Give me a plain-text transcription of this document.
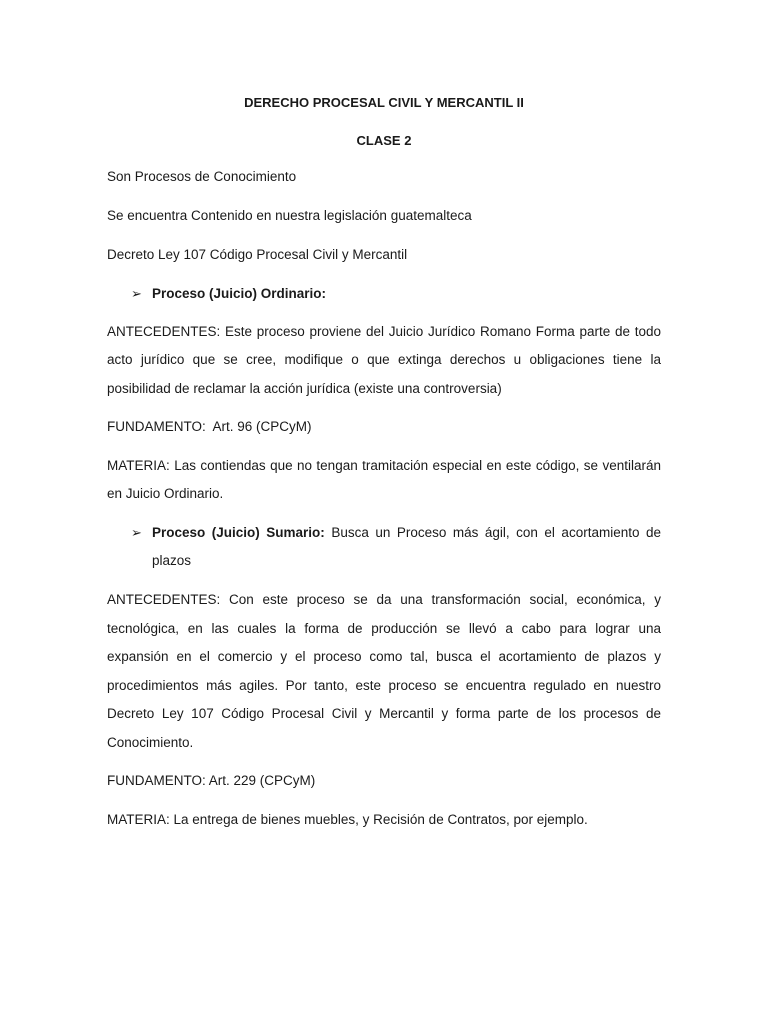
DERECHO PROCESAL CIVIL Y MERCANTIL II
CLASE 2
Son Procesos de Conocimiento
Se encuentra Contenido en nuestra legislación guatemalteca
Decreto Ley 107 Código Procesal Civil y Mercantil
➢ Proceso (Juicio) Ordinario:
ANTECEDENTES: Este proceso proviene del Juicio Jurídico Romano Forma parte de todo
acto jurídico que se cree, modifique o que extinga derechos u obligaciones tiene la
posibilidad de reclamar la acción jurídica (existe una controversia)
FUNDAMENTO: Art. 96 (CPCyM)
MATERIA: Las contiendas que no tengan tramitación especial en este código, se ventilarán
en Juicio Ordinario.
➢ Proceso (Juicio) Sumario: Busca un Proceso más ágil, con el acortamiento de
plazos
ANTECEDENTES: Con este proceso se da una transformación social, económica, y
tecnológica, en las cuales la forma de producción se llevó a cabo para lograr una
expansión en el comercio y el proceso como tal, busca el acortamiento de plazos y
procedimientos más agiles. Por tanto, este proceso se encuentra regulado en nuestro
Decreto Ley 107 Código Procesal Civil y Mercantil y forma parte de los procesos de
Conocimiento.
FUNDAMENTO: Art. 229 (CPCyM)
MATERIA: La entrega de bienes muebles, y Recisión de Contratos, por ejemplo.
